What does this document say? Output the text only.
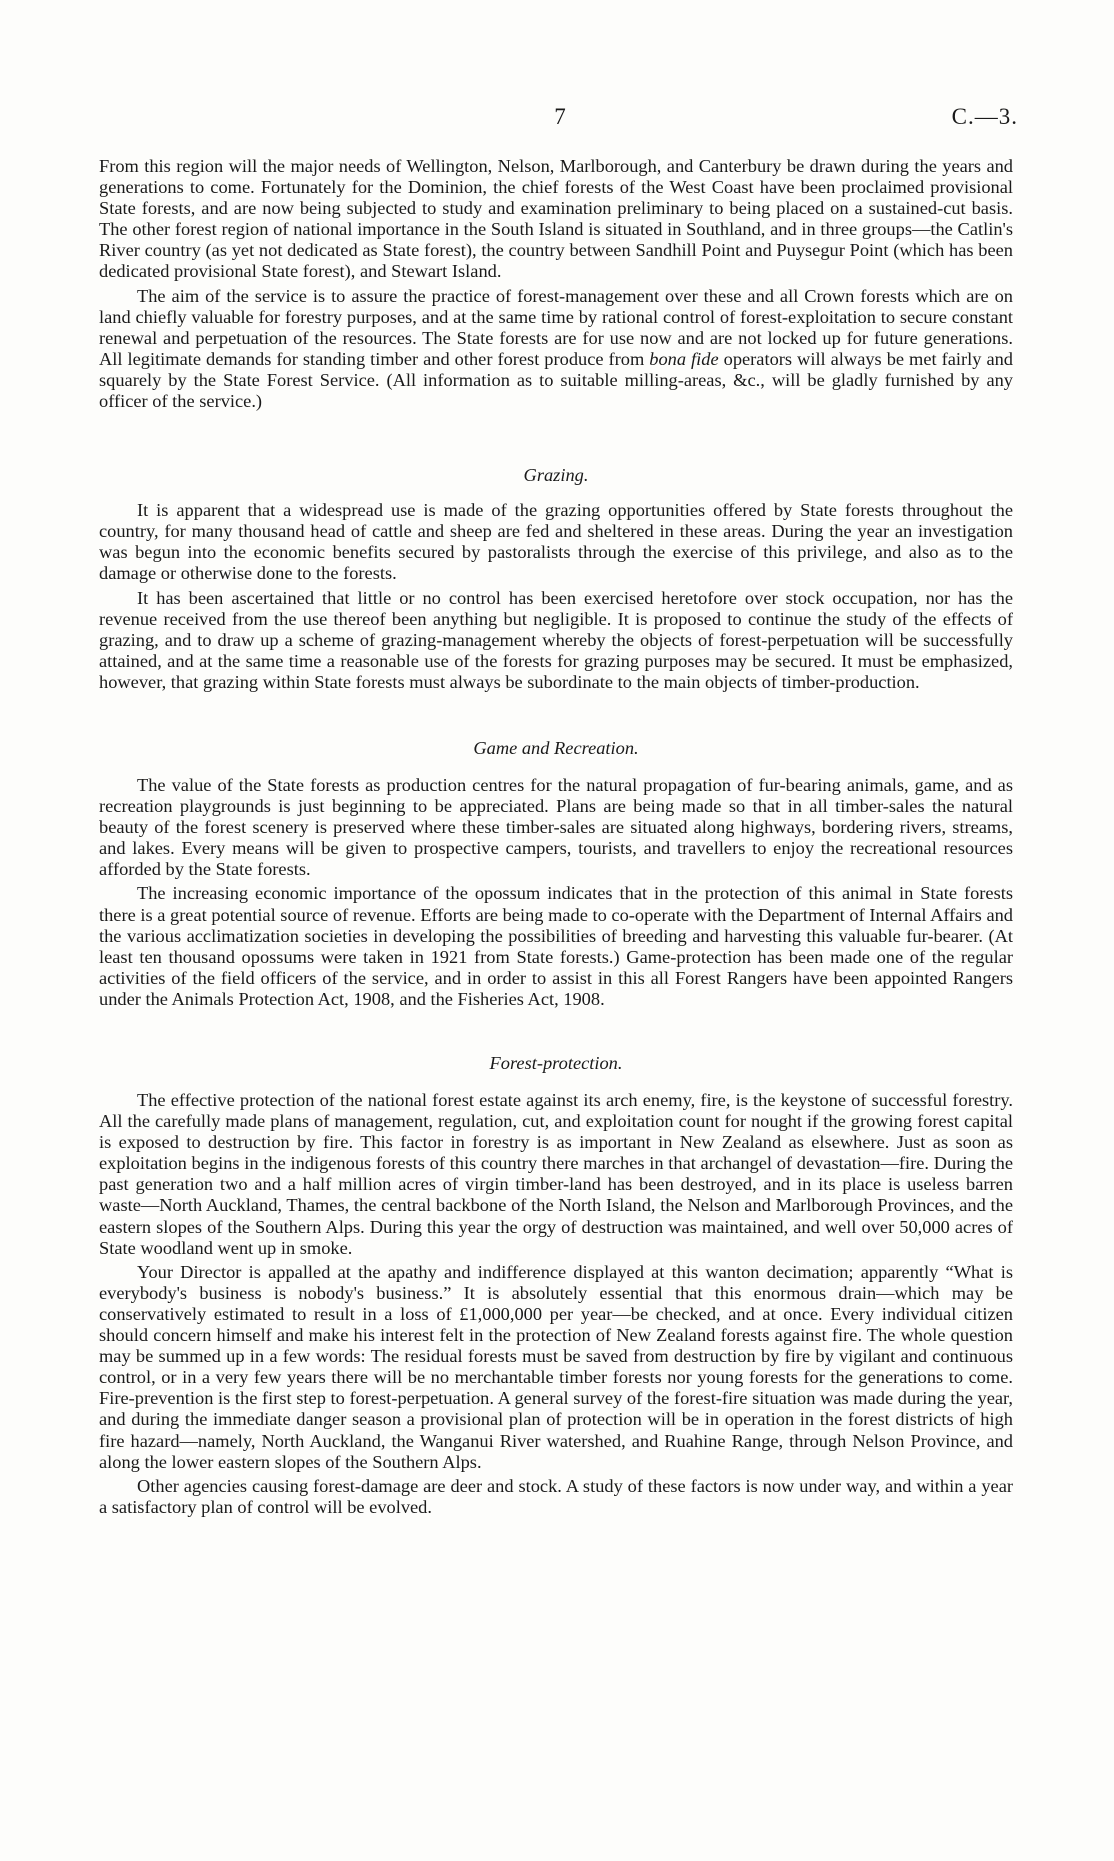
7	C.—3.

From this region will the major needs of Wellington, Nelson, Marlborough, and Canterbury be drawn during the years and generations to come. Fortunately for the Dominion, the chief forests of the West Coast have been proclaimed provisional State forests, and are now being subjected to study and examination preliminary to being placed on a sustained-cut basis. The other forest region of national importance in the South Island is situated in Southland, and in three groups—the Catlin's River country (as yet not dedicated as State forest), the country between Sandhill Point and Puysegur Point (which has been dedicated provisional State forest), and Stewart Island.

The aim of the service is to assure the practice of forest-management over these and all Crown forests which are on land chiefly valuable for forestry purposes, and at the same time by rational control of forest-exploitation to secure constant renewal and perpetuation of the resources. The State forests are for use now and are not locked up for future generations. All legitimate demands for standing timber and other forest produce from bona fide operators will always be met fairly and squarely by the State Forest Service. (All information as to suitable milling-areas, &c., will be gladly furnished by any officer of the service.)

Grazing.

It is apparent that a widespread use is made of the grazing opportunities offered by State forests throughout the country, for many thousand head of cattle and sheep are fed and sheltered in these areas. During the year an investigation was begun into the economic benefits secured by pastoralists through the exercise of this privilege, and also as to the damage or otherwise done to the forests.

It has been ascertained that little or no control has been exercised heretofore over stock occupation, nor has the revenue received from the use thereof been anything but negligible. It is proposed to continue the study of the effects of grazing, and to draw up a scheme of grazing-management whereby the objects of forest-perpetuation will be successfully attained, and at the same time a reasonable use of the forests for grazing purposes may be secured. It must be emphasized, however, that grazing within State forests must always be subordinate to the main objects of timber-production.

Game and Recreation.

The value of the State forests as production centres for the natural propagation of fur-bearing animals, game, and as recreation playgrounds is just beginning to be appreciated. Plans are being made so that in all timber-sales the natural beauty of the forest scenery is preserved where these timber-sales are situated along highways, bordering rivers, streams, and lakes. Every means will be given to prospective campers, tourists, and travellers to enjoy the recreational resources afforded by the State forests.

The increasing economic importance of the opossum indicates that in the protection of this animal in State forests there is a great potential source of revenue. Efforts are being made to co-operate with the Department of Internal Affairs and the various acclimatization societies in developing the possibilities of breeding and harvesting this valuable fur-bearer. (At least ten thousand opossums were taken in 1921 from State forests.) Game-protection has been made one of the regular activities of the field officers of the service, and in order to assist in this all Forest Rangers have been appointed Rangers under the Animals Protection Act, 1908, and the Fisheries Act, 1908.

Forest-protection.

The effective protection of the national forest estate against its arch enemy, fire, is the keystone of successful forestry. All the carefully made plans of management, regulation, cut, and exploitation count for nought if the growing forest capital is exposed to destruction by fire. This factor in forestry is as important in New Zealand as elsewhere. Just as soon as exploitation begins in the indigenous forests of this country there marches in that archangel of devastation—fire. During the past generation two and a half million acres of virgin timber-land has been destroyed, and in its place is useless barren waste—North Auckland, Thames, the central backbone of the North Island, the Nelson and Marlborough Provinces, and the eastern slopes of the Southern Alps. During this year the orgy of destruction was maintained, and well over 50,000 acres of State woodland went up in smoke.

Your Director is appalled at the apathy and indifference displayed at this wanton decimation; apparently “What is everybody's business is nobody's business.” It is absolutely essential that this enormous drain—which may be conservatively estimated to result in a loss of £1,000,000 per year—be checked, and at once. Every individual citizen should concern himself and make his interest felt in the protection of New Zealand forests against fire. The whole question may be summed up in a few words: The residual forests must be saved from destruction by fire by vigilant and continuous control, or in a very few years there will be no merchantable timber forests nor young forests for the generations to come. Fire-prevention is the first step to forest-perpetuation. A general survey of the forest-fire situation was made during the year, and during the immediate danger season a provisional plan of protection will be in operation in the forest districts of high fire hazard—namely, North Auckland, the Wanganui River watershed, and Ruahine Range, through Nelson Province, and along the lower eastern slopes of the Southern Alps.

Other agencies causing forest-damage are deer and stock. A study of these factors is now under way, and within a year a satisfactory plan of control will be evolved.
